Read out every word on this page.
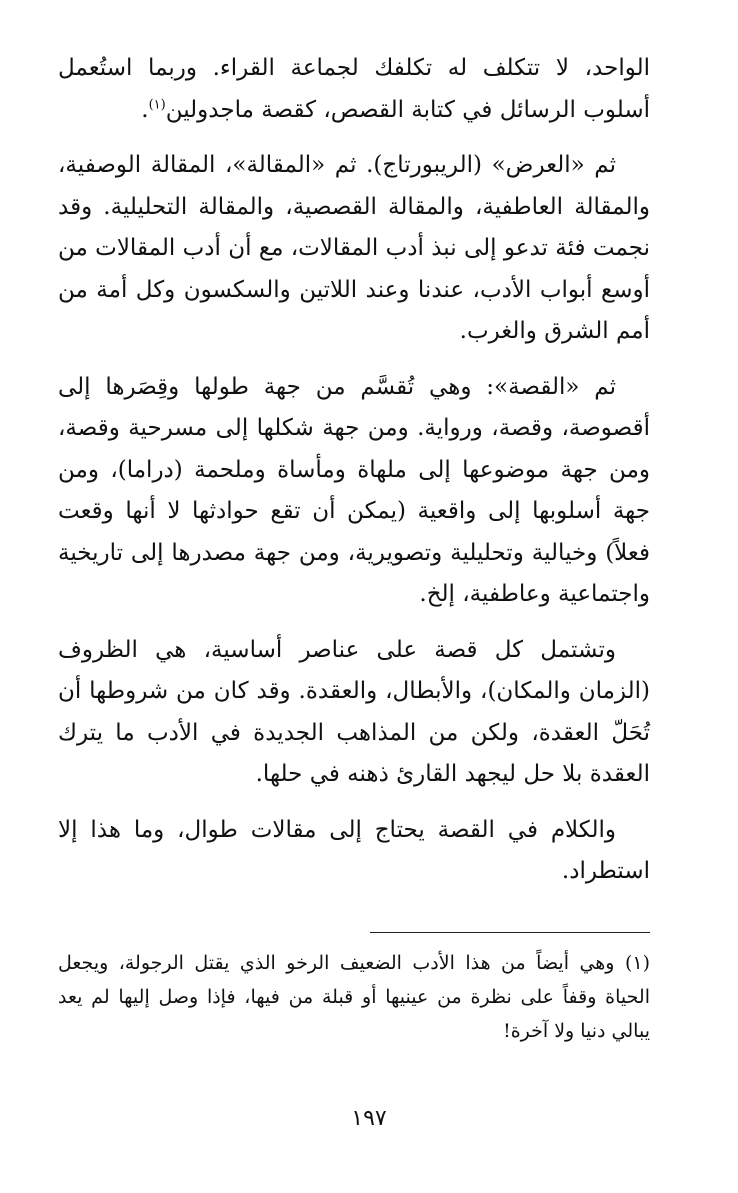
الواحد، لا تتكلف له تكلفك لجماعة القراء. وربما استُعمل أسلوب الرسائل في كتابة القصص، كقصة ماجدولين$^{(١)}$.

ثم «العرض» (الريبورتاج). ثم «المقالة»، المقالة الوصفية، والمقالة العاطفية، والمقالة القصصية، والمقالة التحليلية. وقد نجمت فئة تدعو إلى نبذ أدب المقالات، مع أن أدب المقالات من أوسع أبواب الأدب، عندنا وعند اللاتين والسكسون وكل أمة من أمم الشرق والغرب.

ثم «القصة»: وهي تُقسَّم من جهة طولها وقِصَرها إلى أقصوصة، وقصة، ورواية. ومن جهة شكلها إلى مسرحية وقصة، ومن جهة موضوعها إلى ملهاة ومأساة وملحمة (دراما)، ومن جهة أسلوبها إلى واقعية (يمكن أن تقع حوادثها لا أنها وقعت فعلاً) وخيالية وتحليلية وتصويرية، ومن جهة مصدرها إلى تاريخية واجتماعية وعاطفية، إلخ.

وتشتمل كل قصة على عناصر أساسية، هي الظروف (الزمان والمكان)، والأبطال، والعقدة. وقد كان من شروطها أن تُحَلّ العقدة، ولكن من المذاهب الجديدة في الأدب ما يترك العقدة بلا حل ليجهد القارئ ذهنه في حلها.

والكلام في القصة يحتاج إلى مقالات طوال، وما هذا إلا استطراد.

(١) وهي أيضاً من هذا الأدب الضعيف الرخو الذي يقتل الرجولة، ويجعل الحياة وقفاً على نظرة من عينيها أو قبلة من فيها، فإذا وصل إليها لم يعد يبالي دنيا ولا آخرة!

١٩٧
